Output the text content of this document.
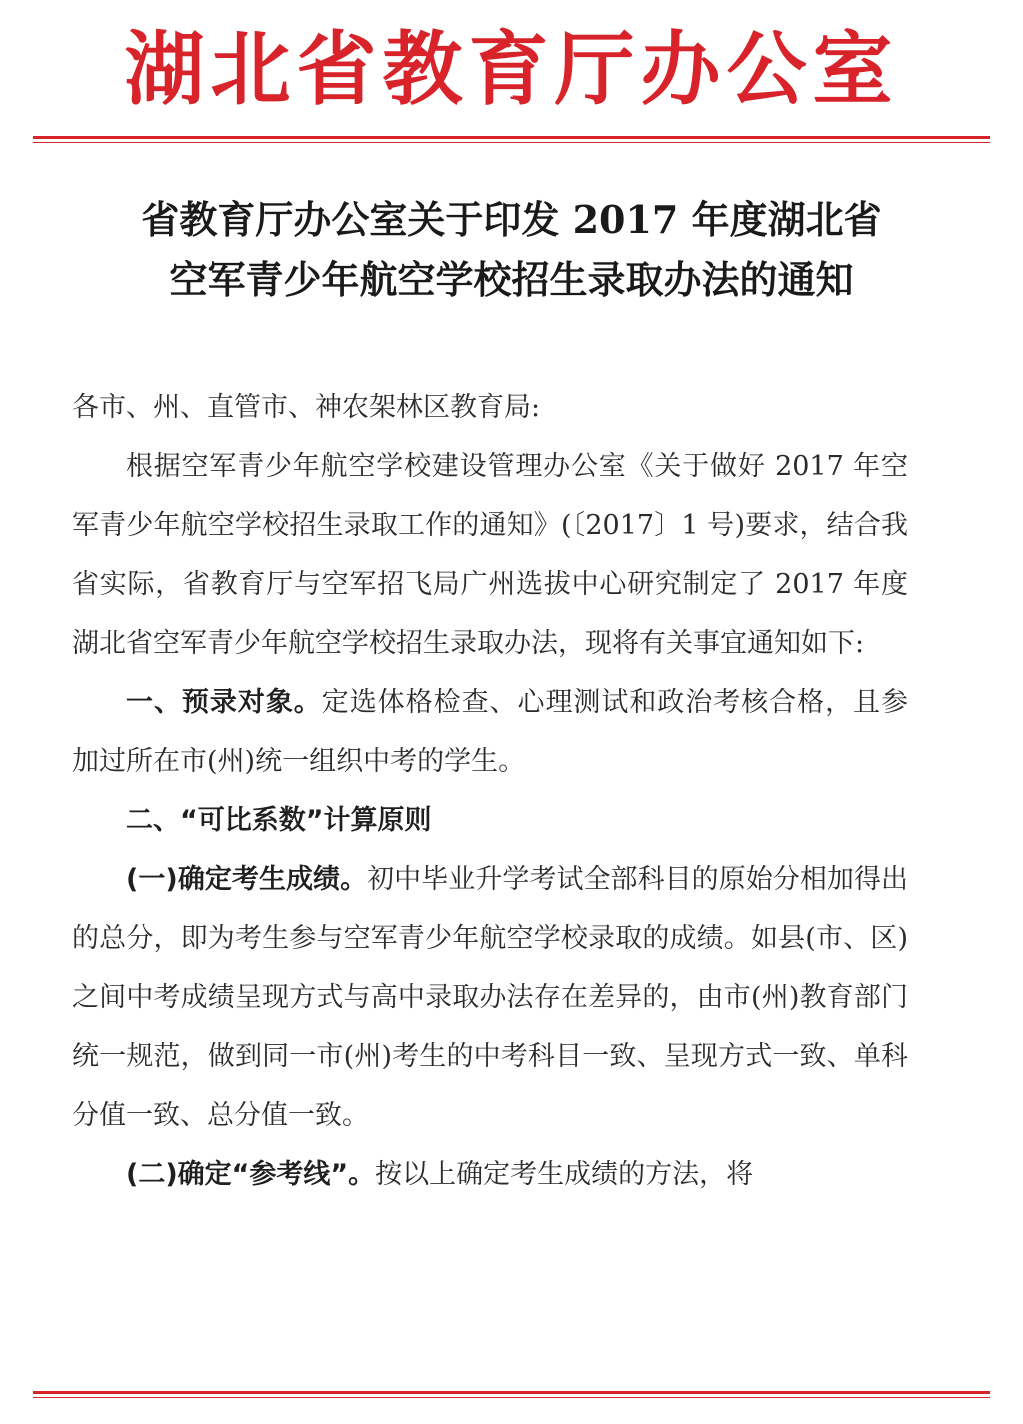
湖北省教育厅办公室
省教育厅办公室关于印发 2017 年度湖北省
空军青少年航空学校招生录取办法的通知

各市、州、直管市、神农架林区教育局:

根据空军青少年航空学校建设管理办公室《关于做好 2017 年空军青少年航空学校招生录取工作的通知》(〔2017〕1 号)要求，结合我省实际，省教育厅与空军招飞局广州选拔中心研究制定了 2017 年度湖北省空军青少年航空学校招生录取办法，现将有关事宜通知如下:

一、预录对象。定选体格检查、心理测试和政治考核合格，且参加过所在市(州)统一组织中考的学生。

二、“可比系数”计算原则

(一)确定考生成绩。初中毕业升学考试全部科目的原始分相加得出的总分，即为考生参与空军青少年航空学校录取的成绩。如县(市、区)之间中考成绩呈现方式与高中录取办法存在差异的，由市(州)教育部门统一规范，做到同一市(州)考生的中考科目一致、呈现方式一致、单科分值一致、总分值一致。

(二)确定“参考线”。按以上确定考生成绩的方法，将
